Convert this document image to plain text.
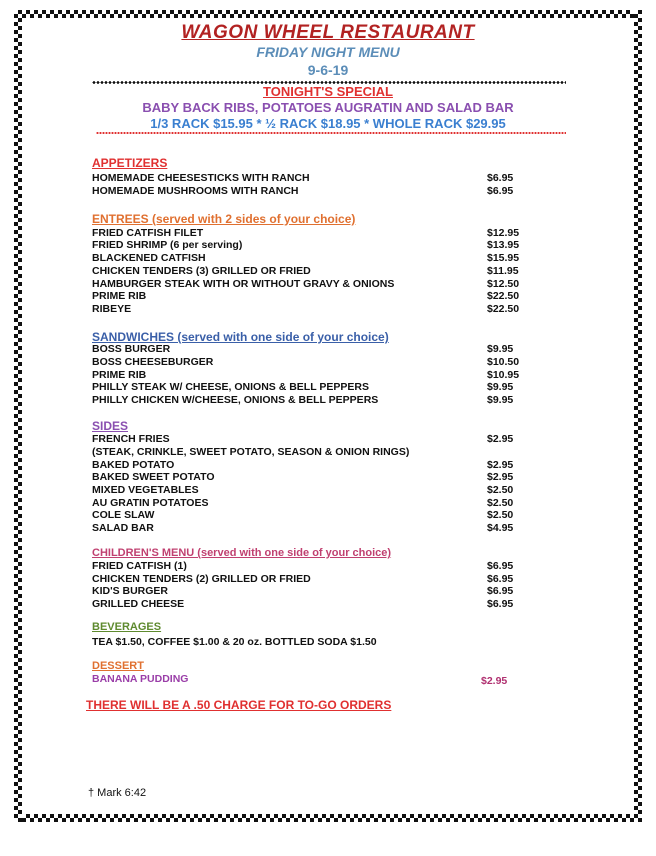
WAGON WHEEL RESTAURANT
FRIDAY NIGHT MENU
9-6-19
TONIGHT'S SPECIAL
BABY BACK RIBS, POTATOES AUGRATIN AND SALAD BAR
1/3 RACK $15.95 * ½ RACK $18.95 * WHOLE RACK $29.95
APPETIZERS
HOMEMADE CHEESESTICKS WITH RANCH	$6.95
HOMEMADE MUSHROOMS WITH RANCH	$6.95
ENTREES (served with 2 sides of your choice)
FRIED CATFISH FILET	$12.95
FRIED SHRIMP (6 per serving)	$13.95
BLACKENED CATFISH	$15.95
CHICKEN TENDERS (3) GRILLED OR FRIED	$11.95
HAMBURGER STEAK WITH OR WITHOUT GRAVY & ONIONS	$12.50
PRIME RIB	$22.50
RIBEYE	$22.50
SANDWICHES (served with one side of your choice)
BOSS BURGER	$9.95
BOSS CHEESEBURGER	$10.50
PRIME RIB	$10.95
PHILLY STEAK W/ CHEESE, ONIONS & BELL PEPPERS	$9.95
PHILLY CHICKEN W/CHEESE, ONIONS & BELL PEPPERS	$9.95
SIDES
FRENCH FRIES	$2.95
(STEAK, CRINKLE, SWEET POTATO, SEASON & ONION RINGS)
BAKED POTATO	$2.95
BAKED SWEET POTATO	$2.95
MIXED VEGETABLES	$2.50
AU GRATIN POTATOES	$2.50
COLE SLAW	$2.50
SALAD BAR	$4.95
CHILDREN'S MENU (served with one side of your choice)
FRIED CATFISH (1)	$6.95
CHICKEN TENDERS (2) GRILLED OR FRIED	$6.95
KID'S BURGER	$6.95
GRILLED CHEESE	$6.95
BEVERAGES
TEA $1.50, COFFEE $1.00 & 20 oz. BOTTLED SODA $1.50
DESSERT
BANANA PUDDING	$2.95
THERE WILL BE A .50 CHARGE FOR TO-GO ORDERS
† Mark 6:42
